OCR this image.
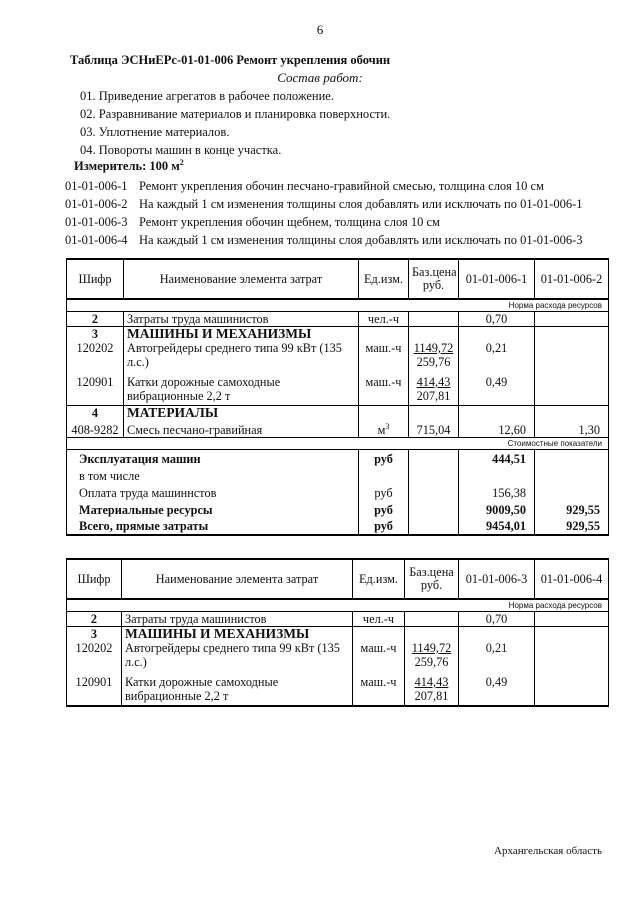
6
Таблица ЭСНиЕРс-01-01-006 Ремонт укрепления обочин
Состав работ:
01. Приведение агрегатов в рабочее положение.
02. Разравнивание материалов и планировка поверхности.
03. Уплотнение материалов.
04. Повороты машин в конце участка.
Измеритель: 100 $м^2$
01-01-006-1 Ремонт укрепления обочин песчано-гравийной смесью, толщина слоя 10 см
01-01-006-2 На каждый 1 см изменения толщины слоя добавлять или исключать по 01-01-006-1
01-01-006-3 Ремонт укрепления обочин щебнем, толщина слоя 10 см
01-01-006-4 На каждый 1 см изменения толщины слоя добавлять или исключать по 01-01-006-3
Шифр	Наименование элемента затрат	Ед.изм.	Баз.цена руб.	01-01-006-1	01-01-006-2
Норма расхода ресурсов					
2	Затраты труда машинистов	чел.-ч		0,70	
3	МАШИНЫ И МЕХАНИЗМЫ				
120202	Автогрейдеры среднего типа 99 кВт (135 л.с.)	маш.-ч	1149,72
259,76	0,21	
120901	Катки дорожные самоходные вибрационные 2,2 т	маш.-ч	414,43
207,81	0,49	
4	МАТЕРИАЛЫ				
408-9282	Смесь песчано-гравийная	$м^3$	715,04	12,60	1,30
Стоимостные показатели					
Эксплуатация машин		руб		444,51	
в том числе					
Оплата труда машиннстов		руб		156,38	
Материальные ресурсы		руб		9009,50	929,55
Всего, прямые затраты		руб		9454,01	929,55
Шифр	Наименование элемента затрат	Ед.изм.	Баз.цена руб.	01-01-006-3	01-01-006-4
Норма расхода ресурсов					
2	Затраты труда машинистов	чел.-ч		0,70	
3	МАШИНЫ И МЕХАНИЗМЫ				
120202	Автогрейдеры среднего типа 99 кВт (135 л.с.)	маш.-ч	1149,72
259,76	0,21	
120901	Катки дорожные самоходные вибрационные 2,2 т	маш.-ч	414,43
207,81	0,49	
Архангельская область
